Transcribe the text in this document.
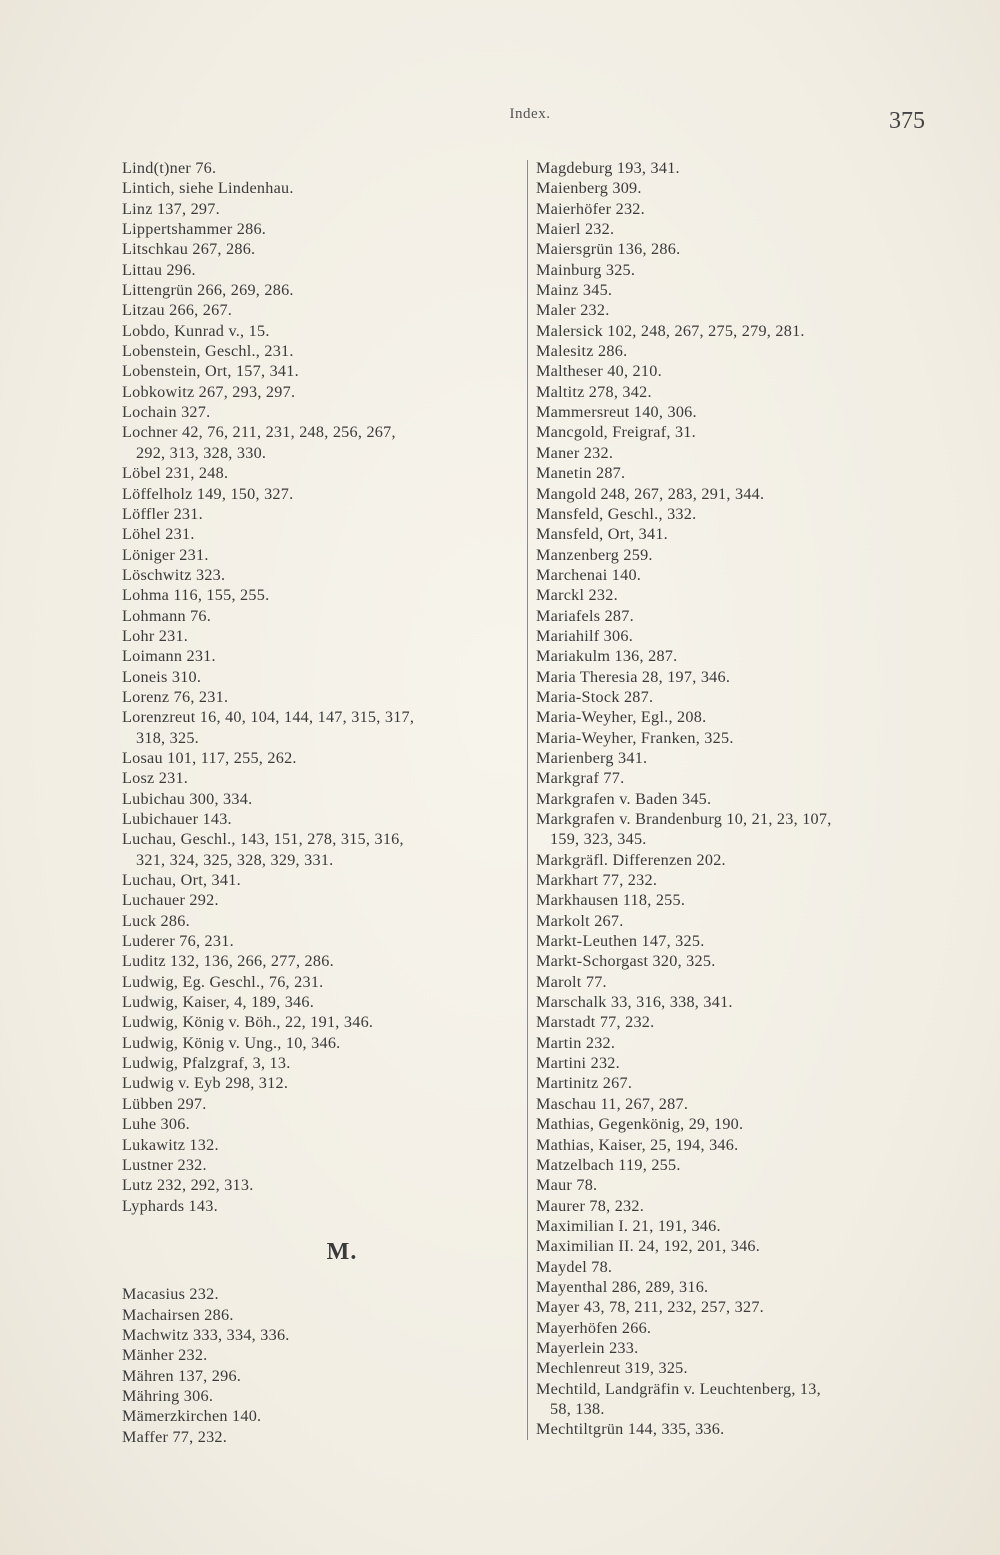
Index.	375
Lind(t)ner 76.
Lintich, siehe Lindenhau.
Linz 137, 297.
Lippertshammer 286.
Litschkau 267, 286.
Littau 296.
Littengrün 266, 269, 286.
Litzau 266, 267.
Lobdo, Kunrad v., 15.
Lobenstein, Geschl., 231.
Lobenstein, Ort, 157, 341.
Lobkowitz 267, 293, 297.
Lochain 327.
Lochner 42, 76, 211, 231, 248, 256, 267,
292, 313, 328, 330.
Löbel 231, 248.
Löffelholz 149, 150, 327.
Löffler 231.
Löhel 231.
Löniger 231.
Löschwitz 323.
Lohma 116, 155, 255.
Lohmann 76.
Lohr 231.
Loimann 231.
Loneis 310.
Lorenz 76, 231.
Lorenzreut 16, 40, 104, 144, 147, 315, 317,
318, 325.
Losau 101, 117, 255, 262.
Losz 231.
Lubichau 300, 334.
Lubichauer 143.
Luchau, Geschl., 143, 151, 278, 315, 316,
321, 324, 325, 328, 329, 331.
Luchau, Ort, 341.
Luchauer 292.
Luck 286.
Luderer 76, 231.
Luditz 132, 136, 266, 277, 286.
Ludwig, Eg. Geschl., 76, 231.
Ludwig, Kaiser, 4, 189, 346.
Ludwig, König v. Böh., 22, 191, 346.
Ludwig, König v. Ung., 10, 346.
Ludwig, Pfalzgraf, 3, 13.
Ludwig v. Eyb 298, 312.
Lübben 297.
Luhe 306.
Lukawitz 132.
Lustner 232.
Lutz 232, 292, 313.
Lyphards 143.
M.
Macasius 232.
Machairsen 286.
Machwitz 333, 334, 336.
Mänher 232.
Mähren 137, 296.
Mähring 306.
Mämerzkirchen 140.
Maffer 77, 232.
Magdeburg 193, 341.
Maienberg 309.
Maierhöfer 232.
Maierl 232.
Maiersgrün 136, 286.
Mainburg 325.
Mainz 345.
Maler 232.
Malersick 102, 248, 267, 275, 279, 281.
Malesitz 286.
Maltheser 40, 210.
Maltitz 278, 342.
Mammersreut 140, 306.
Mancgold, Freigraf, 31.
Maner 232.
Manetin 287.
Mangold 248, 267, 283, 291, 344.
Mansfeld, Geschl., 332.
Mansfeld, Ort, 341.
Manzenberg 259.
Marchenai 140.
Marckl 232.
Mariafels 287.
Mariahilf 306.
Mariakulm 136, 287.
Maria Theresia 28, 197, 346.
Maria-Stock 287.
Maria-Weyher, Egl., 208.
Maria-Weyher, Franken, 325.
Marienberg 341.
Markgraf 77.
Markgrafen v. Baden 345.
Markgrafen v. Brandenburg 10, 21, 23, 107,
159, 323, 345.
Markgräfl. Differenzen 202.
Markhart 77, 232.
Markhausen 118, 255.
Markolt 267.
Markt-Leuthen 147, 325.
Markt-Schorgast 320, 325.
Marolt 77.
Marschalk 33, 316, 338, 341.
Marstadt 77, 232.
Martin 232.
Martini 232.
Martinitz 267.
Maschau 11, 267, 287.
Mathias, Gegenkönig, 29, 190.
Mathias, Kaiser, 25, 194, 346.
Matzelbach 119, 255.
Maur 78.
Maurer 78, 232.
Maximilian I. 21, 191, 346.
Maximilian II. 24, 192, 201, 346.
Maydel 78.
Mayenthal 286, 289, 316.
Mayer 43, 78, 211, 232, 257, 327.
Mayerhöfen 266.
Mayerlein 233.
Mechlenreut 319, 325.
Mechtild, Landgräfin v. Leuchtenberg, 13,
58, 138.
Mechtiltgrün 144, 335, 336.
